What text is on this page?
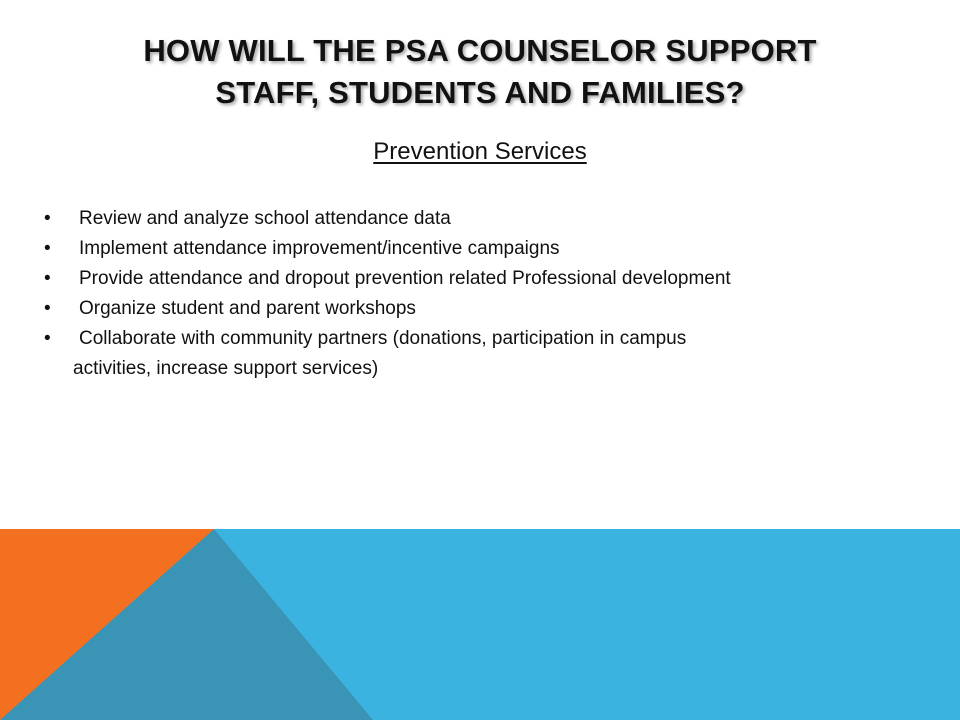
HOW WILL THE PSA COUNSELOR SUPPORT
STAFF, STUDENTS AND FAMILIES?
Prevention Services
• Review and analyze school attendance data
• Implement attendance improvement/incentive campaigns
• Provide attendance and dropout prevention related Professional development
• Organize student and parent workshops
• Collaborate with community partners (donations, participation in campus
activities, increase support services)
